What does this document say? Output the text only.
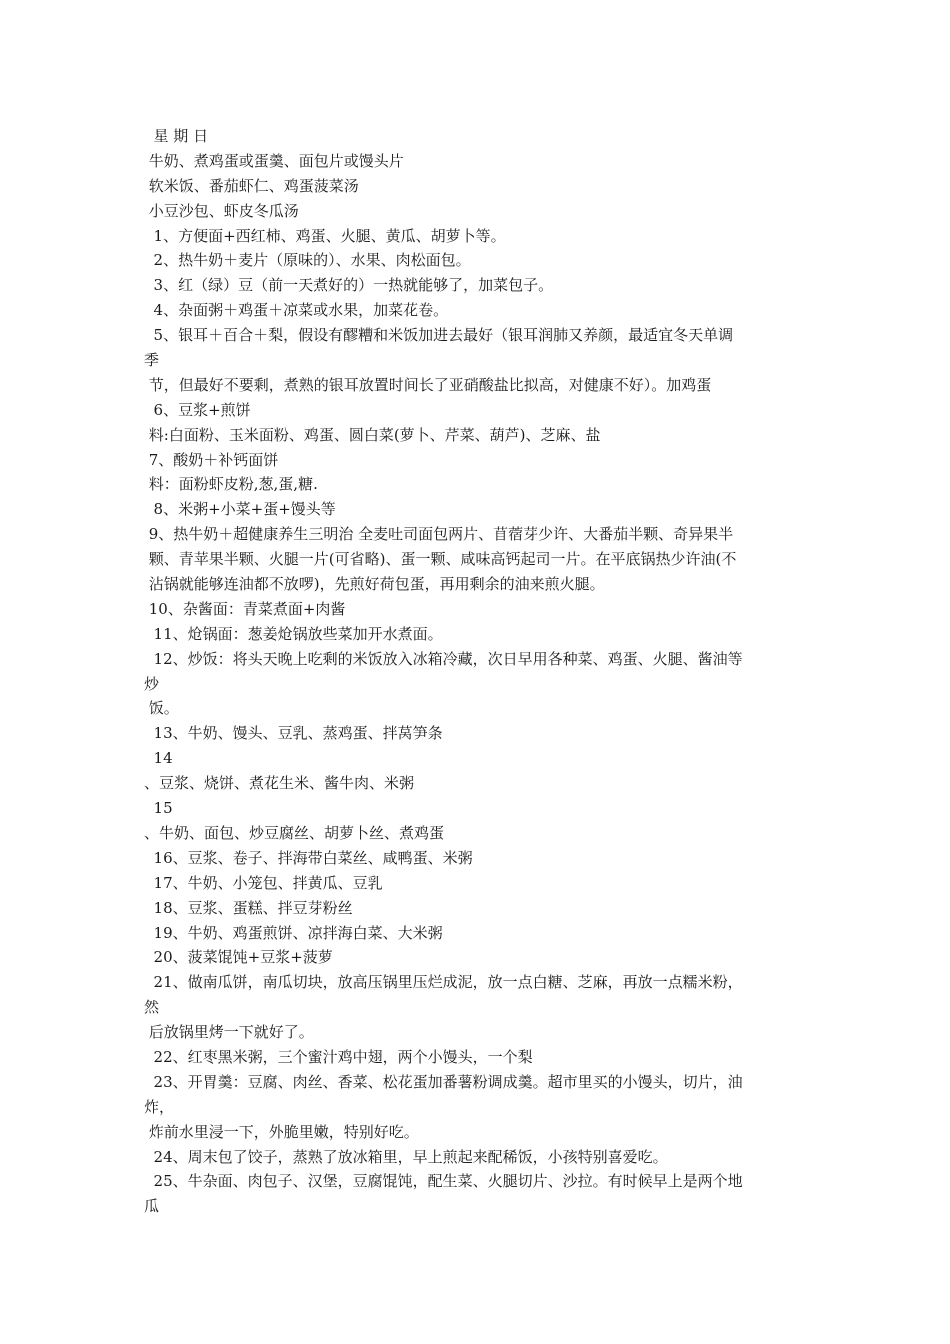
星 期 日
牛奶、煮鸡蛋或蛋羹、面包片或馒头片
软米饭、番茄虾仁、鸡蛋菠菜汤
小豆沙包、虾皮冬瓜汤
1、方便面+西红柿、鸡蛋、火腿、黄瓜、胡萝卜等。
2、热牛奶＋麦片（原味的）、水果、肉松面包。
3、红（绿）豆（前一天煮好的）一热就能够了，加菜包子。
4、杂面粥＋鸡蛋＋凉菜或水果，加菜花卷。
5、银耳＋百合＋梨，假设有醪糟和米饭加进去最好（银耳润肺又养颜，最适宜冬天单调
季
节，但最好不要剩，煮熟的银耳放置时间长了亚硝酸盐比拟高，对健康不好）。加鸡蛋
6、豆浆+煎饼
料:白面粉、玉米面粉、鸡蛋、圆白菜(萝卜、芹菜、葫芦)、芝麻、盐
7、酸奶＋补钙面饼
料：面粉虾皮粉,葱,蛋,糖.
8、米粥+小菜+蛋+馒头等
9、热牛奶＋超健康养生三明治 全麦吐司面包两片、苜蓿芽少许、大番茄半颗、奇异果半
颗、青苹果半颗、火腿一片(可省略)、蛋一颗、咸味高钙起司一片。在平底锅热少许油(不
沾锅就能够连油都不放啰)，先煎好荷包蛋，再用剩余的油来煎火腿。
10、杂酱面：青菜煮面+肉酱
11、炝锅面：葱姜炝锅放些菜加开水煮面。
12、炒饭：将头天晚上吃剩的米饭放入冰箱冷藏，次日早用各种菜、鸡蛋、火腿、酱油等
炒
饭。
13、牛奶、馒头、豆乳、蒸鸡蛋、拌莴笋条
14
、豆浆、烧饼、煮花生米、酱牛肉、米粥
15
、牛奶、面包、炒豆腐丝、胡萝卜丝、煮鸡蛋
16、豆浆、卷子、拌海带白菜丝、咸鸭蛋、米粥
17、牛奶、小笼包、拌黄瓜、豆乳
18、豆浆、蛋糕、拌豆芽粉丝
19、牛奶、鸡蛋煎饼、凉拌海白菜、大米粥
20、菠菜馄饨+豆浆+菠萝
21、做南瓜饼，南瓜切块，放高压锅里压烂成泥，放一点白糖、芝麻，再放一点糯米粉，
然
后放锅里烤一下就好了。
22、红枣黑米粥，三个蜜汁鸡中翅，两个小馒头，一个梨
23、开胃羹：豆腐、肉丝、香菜、松花蛋加番薯粉调成羹。超市里买的小馒头，切片，油
炸，
炸前水里浸一下，外脆里嫩，特别好吃。
24、周末包了饺子，蒸熟了放冰箱里，早上煎起来配稀饭，小孩特别喜爱吃。
25、牛杂面、肉包子、汉堡，豆腐馄饨，配生菜、火腿切片、沙拉。有时候早上是两个地
瓜
